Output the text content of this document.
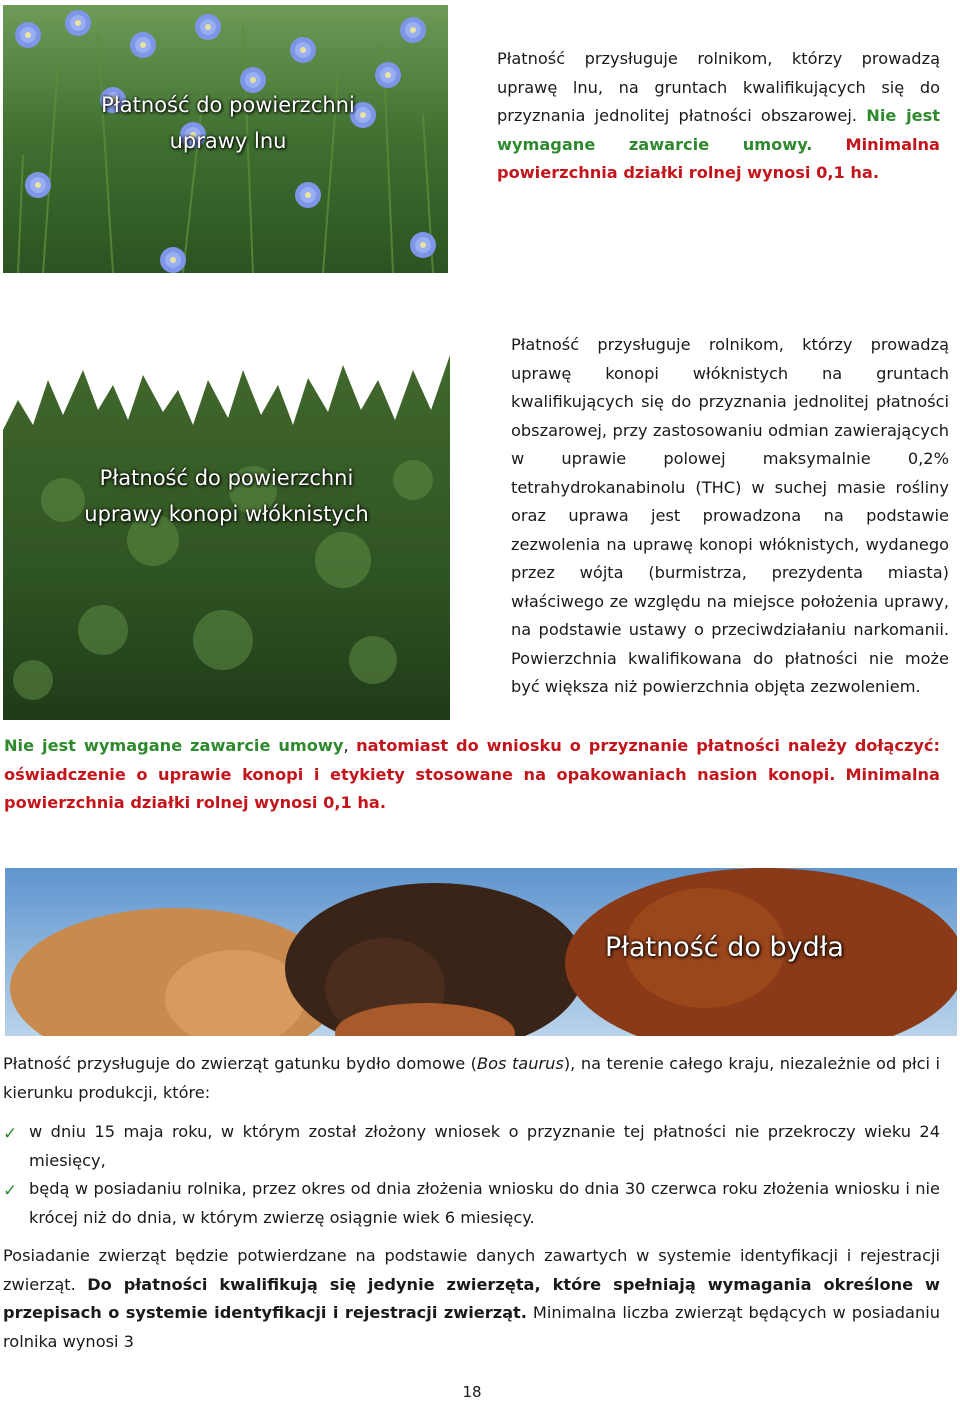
Płatność do powierzchni uprawy lnu
Płatność przysługuje rolnikom, którzy prowadzą uprawę lnu, na gruntach kwalifikujących się do przyznania jednolitej płatności obszarowej. Nie jest wymagane zawarcie umowy. Minimalna powierzchnia działki rolnej wynosi 0,1 ha.
Płatność do powierzchni
uprawy konopi włóknistych
Płatność przysługuje rolnikom, którzy prowadzą uprawę konopi włóknistych na gruntach kwalifikujących się do przyznania jednolitej płatności obszarowej, przy zastosowaniu odmian zawierających w uprawie polowej maksymalnie 0,2% tetrahydrokanabinolu (THC) w suchej masie rośliny oraz uprawa jest prowadzona na podstawie zezwolenia na uprawę konopi włóknistych, wydanego przez wójta (burmistrza, prezydenta miasta) właściwego ze względu na miejsce położenia uprawy, na podstawie ustawy o przeciwdziałaniu narkomanii. Powierzchnia kwalifikowana do płatności nie może być większa niż powierzchnia objęta zezwoleniem.
Nie jest wymagane zawarcie umowy, natomiast do wniosku o przyznanie płatności należy dołączyć: oświadczenie o uprawie konopi i etykiety stosowane na opakowaniach nasion konopi. Minimalna powierzchnia działki rolnej wynosi 0,1 ha.
Płatność do bydła
Płatność przysługuje do zwierząt gatunku bydło domowe (Bos taurus), na terenie całego kraju, niezależnie od płci i kierunku produkcji, które:
✓ w dniu 15 maja roku, w którym został złożony wniosek o przyznanie tej płatności nie przekroczy wieku 24 miesięcy,
✓ będą w posiadaniu rolnika, przez okres od dnia złożenia wniosku do dnia 30 czerwca roku złożenia wniosku i nie krócej niż do dnia, w którym zwierzę osiągnie wiek 6 miesięcy.
Posiadanie zwierząt będzie potwierdzane na podstawie danych zawartych w systemie identyfikacji i rejestracji zwierząt. Do płatności kwalifikują się jedynie zwierzęta, które spełniają wymagania określone w przepisach o systemie identyfikacji i rejestracji zwierząt. Minimalna liczba zwierząt będących w posiadaniu rolnika wynosi 3
18
